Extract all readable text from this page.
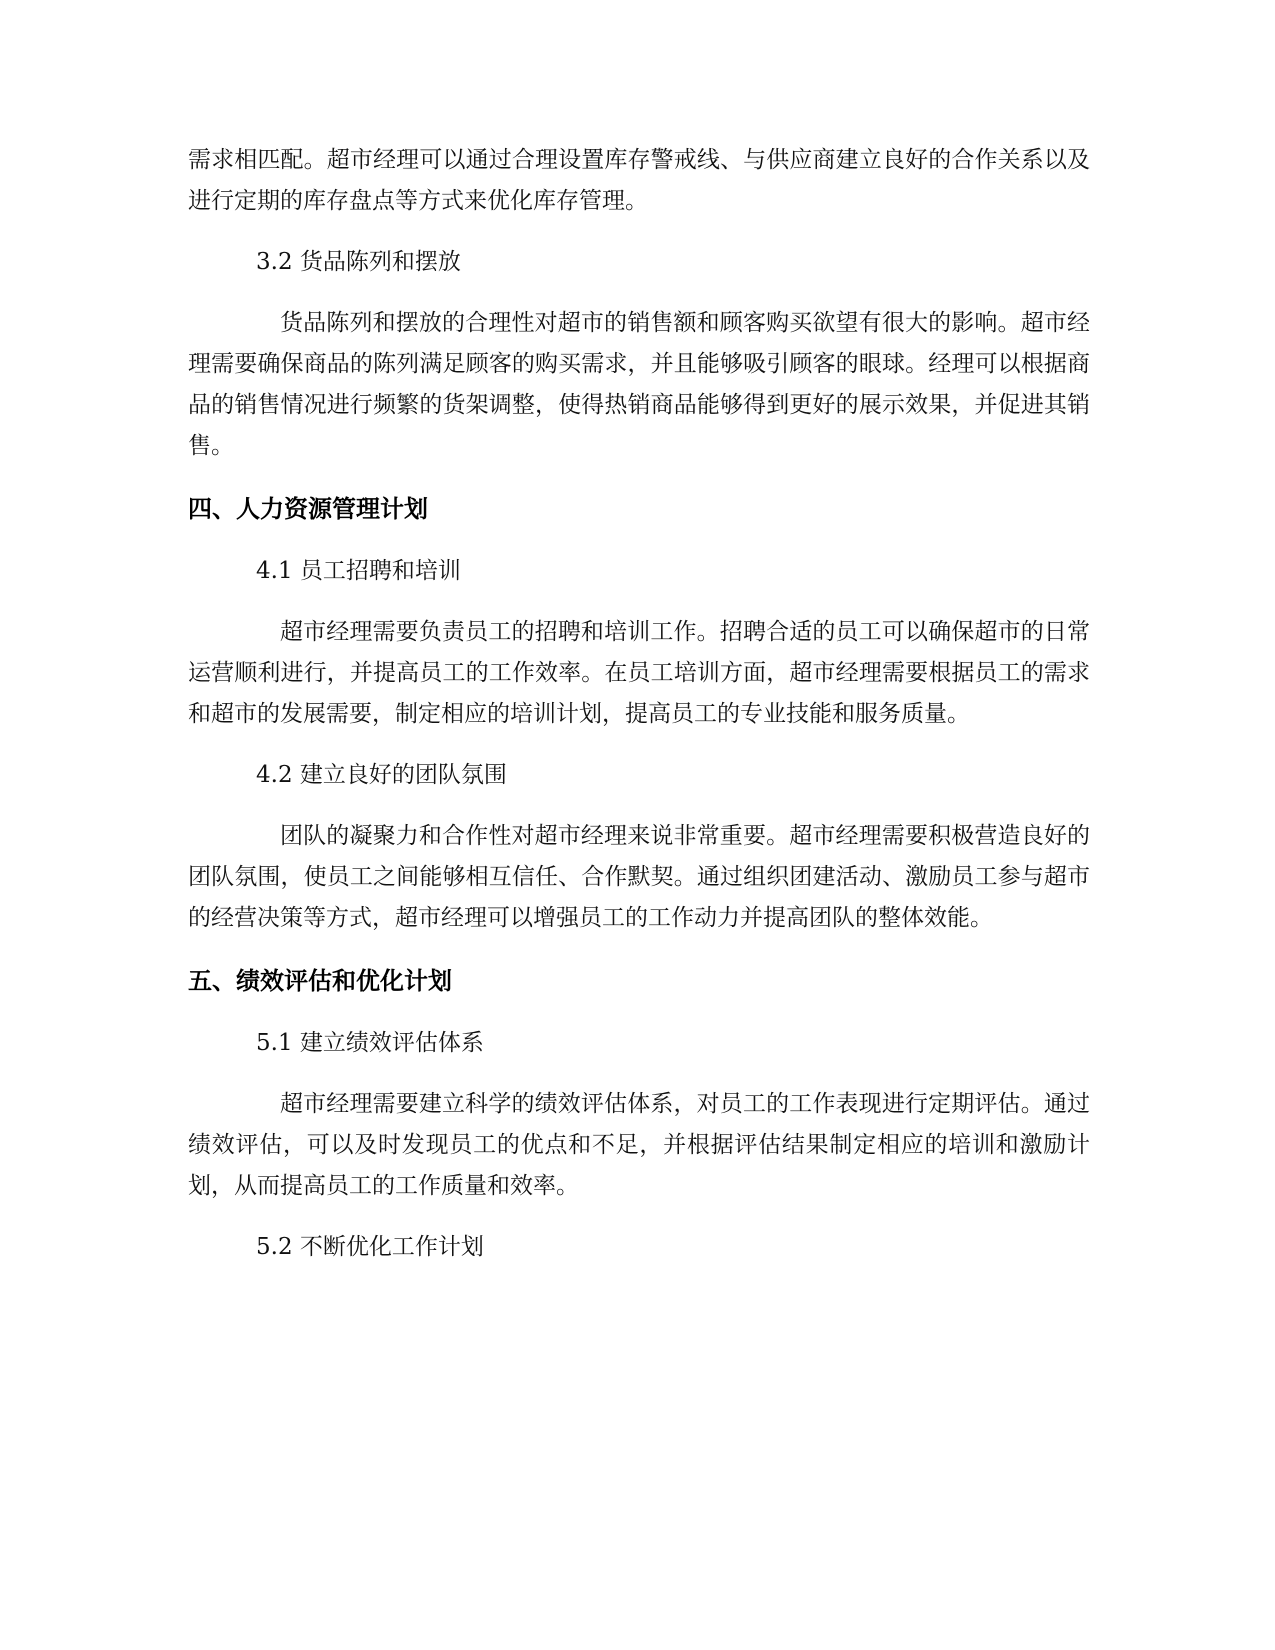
需求相匹配。超市经理可以通过合理设置库存警戒线、与供应商建立良好的合作关系以及进行定期的库存盘点等方式来优化库存管理。

3.2 货品陈列和摆放

货品陈列和摆放的合理性对超市的销售额和顾客购买欲望有很大的影响。超市经理需要确保商品的陈列满足顾客的购买需求，并且能够吸引顾客的眼球。经理可以根据商品的销售情况进行频繁的货架调整，使得热销商品能够得到更好的展示效果，并促进其销售。

四、人力资源管理计划

4.1 员工招聘和培训

超市经理需要负责员工的招聘和培训工作。招聘合适的员工可以确保超市的日常运营顺利进行，并提高员工的工作效率。在员工培训方面，超市经理需要根据员工的需求和超市的发展需要，制定相应的培训计划，提高员工的专业技能和服务质量。

4.2 建立良好的团队氛围

团队的凝聚力和合作性对超市经理来说非常重要。超市经理需要积极营造良好的团队氛围，使员工之间能够相互信任、合作默契。通过组织团建活动、激励员工参与超市的经营决策等方式，超市经理可以增强员工的工作动力并提高团队的整体效能。

五、绩效评估和优化计划

5.1 建立绩效评估体系

超市经理需要建立科学的绩效评估体系，对员工的工作表现进行定期评估。通过绩效评估，可以及时发现员工的优点和不足，并根据评估结果制定相应的培训和激励计划，从而提高员工的工作质量和效率。

5.2 不断优化工作计划
